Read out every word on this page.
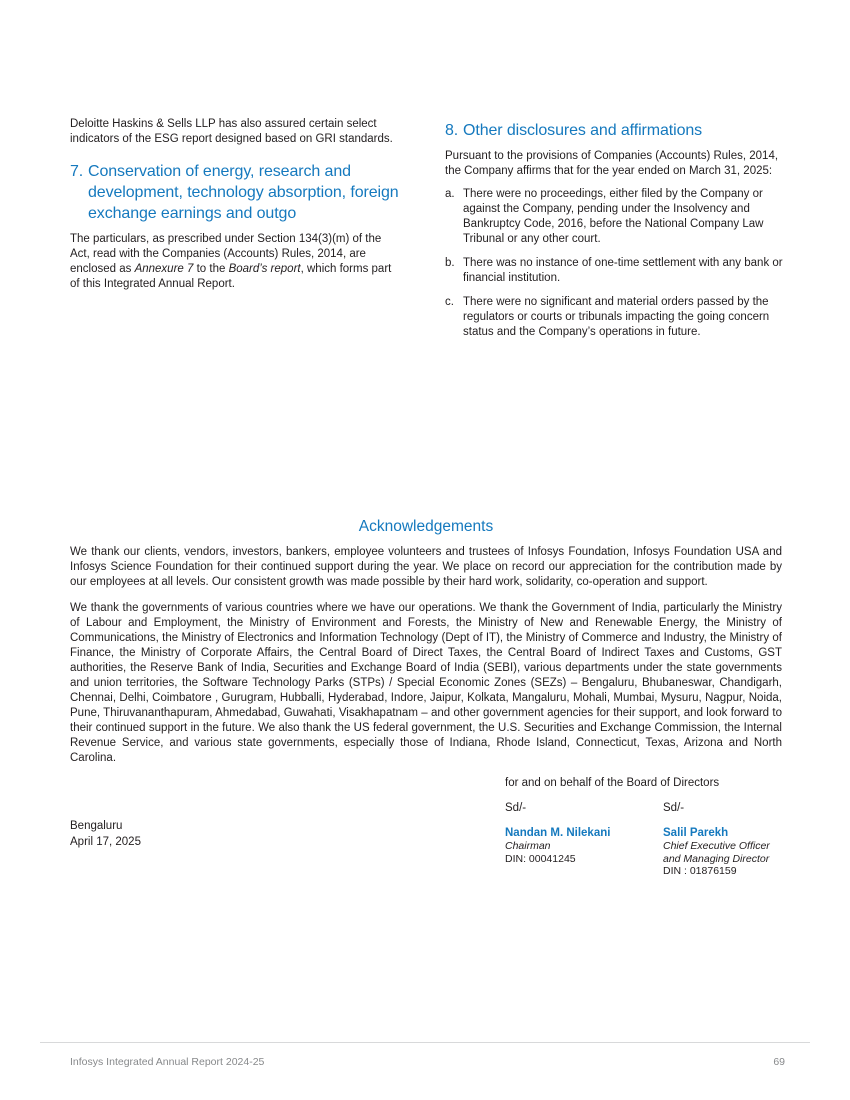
Deloitte Haskins & Sells LLP has also assured certain select indicators of the ESG report designed based on GRI standards.

7. Conservation of energy, research and development, technology absorption, foreign exchange earnings and outgo

The particulars, as prescribed under Section 134(3)(m) of the Act, read with the Companies (Accounts) Rules, 2014, are enclosed as Annexure 7 to the Board’s report, which forms part of this Integrated Annual Report.

8. Other disclosures and affirmations

Pursuant to the provisions of Companies (Accounts) Rules, 2014, the Company affirms that for the year ended on March 31, 2025:

a. There were no proceedings, either filed by the Company or against the Company, pending under the Insolvency and Bankruptcy Code, 2016, before the National Company Law Tribunal or any other court.
b. There was no instance of one-time settlement with any bank or financial institution.
c. There were no significant and material orders passed by the regulators or courts or tribunals impacting the going concern status and the Company’s operations in future.
Acknowledgements

We thank our clients, vendors, investors, bankers, employee volunteers and trustees of Infosys Foundation, Infosys Foundation USA and Infosys Science Foundation for their continued support during the year. We place on record our appreciation for the contribution made by our employees at all levels. Our consistent growth was made possible by their hard work, solidarity, co-operation and support.

We thank the governments of various countries where we have our operations. We thank the Government of India, particularly the Ministry of Labour and Employment, the Ministry of Environment and Forests, the Ministry of New and Renewable Energy, the Ministry of Communications, the Ministry of Electronics and Information Technology (Dept of IT), the Ministry of Commerce and Industry, the Ministry of Finance, the Ministry of Corporate Affairs, the Central Board of Direct Taxes, the Central Board of Indirect Taxes and Customs, GST authorities, the Reserve Bank of India, Securities and Exchange Board of India (SEBI), various departments under the state governments and union territories, the Software Technology Parks (STPs) / Special Economic Zones (SEZs) – Bengaluru, Bhubaneswar, Chandigarh, Chennai, Delhi, Coimbatore , Gurugram, Hubballi, Hyderabad, Indore, Jaipur, Kolkata, Mangaluru, Mohali, Mumbai, Mysuru, Nagpur, Noida, Pune, Thiruvananthapuram, Ahmedabad, Guwahati, Visakhapatnam – and other government agencies for their support, and look forward to their continued support in the future. We also thank the US federal government, the U.S. Securities and Exchange Commission, the Internal Revenue Service, and various state governments, especially those of Indiana, Rhode Island, Connecticut, Texas, Arizona and North Carolina.

Bengaluru
April 17, 2025

for and on behalf of the Board of Directors

Sd/-
Nandan M. Nilekani
Chairman
DIN: 00041245
Sd/-
Salil Parekh
Chief Executive Officer
and Managing Director
DIN : 01876159
Infosys Integrated Annual Report 2024-25	69
